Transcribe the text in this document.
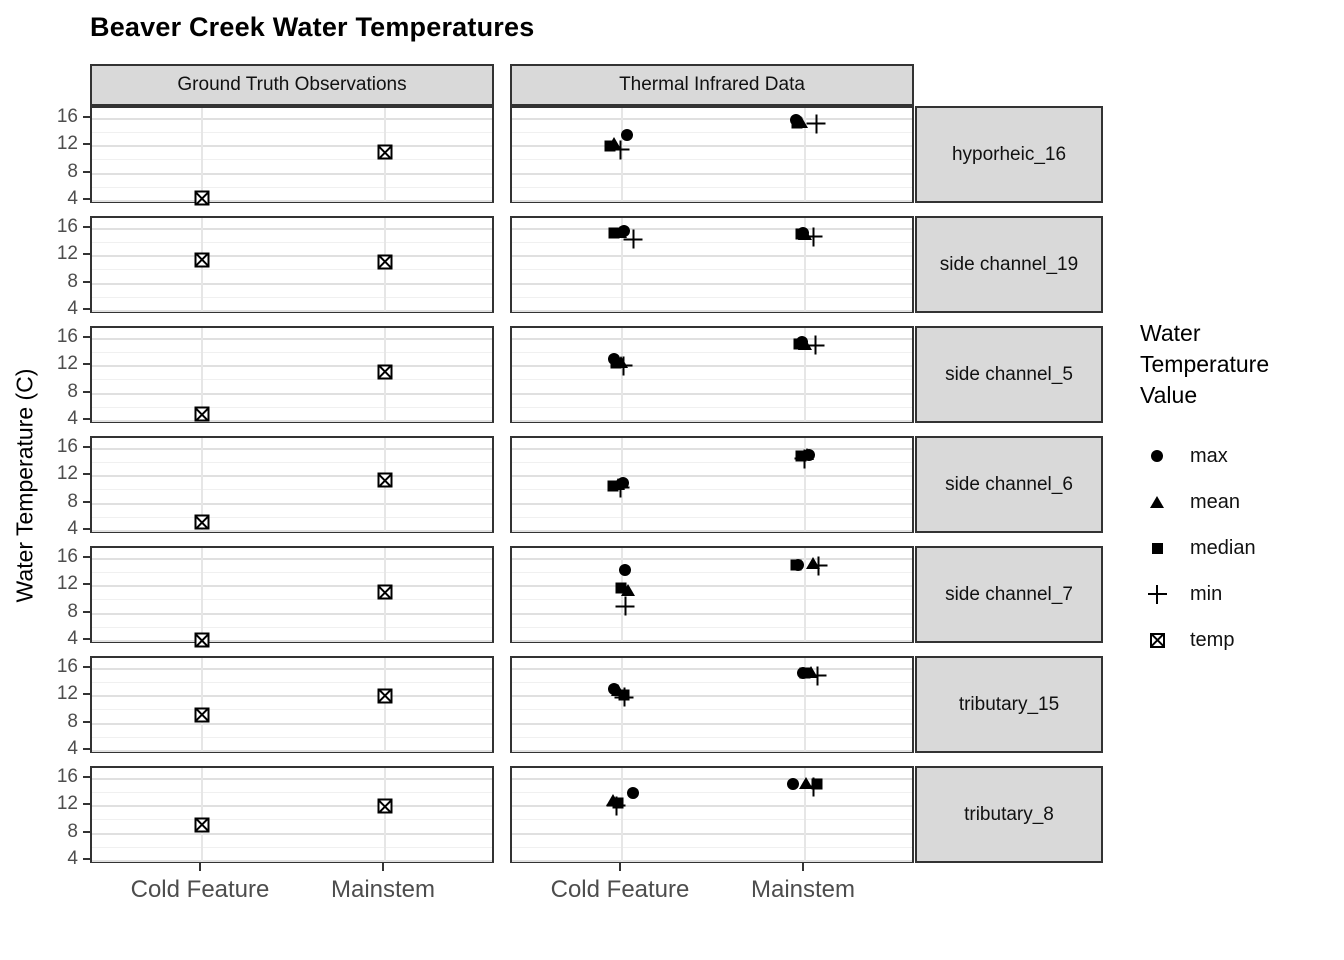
Beaver Creek Water Temperatures
Water Temperature (C)
Ground Truth Observations	Thermal Infrared Data
hyporheic_16
16
12
8
4
side channel_19
16
12
8
4
side channel_5
16
12
8
4
side channel_6
16
12
8
4
side channel_7
16
12
8
4
tributary_15
16
12
8
4
tributary_8
16
12
8
4
Cold Feature	Mainstem	Cold Feature	Mainstem
Water Temperature Value
max
mean
median
min
temp
